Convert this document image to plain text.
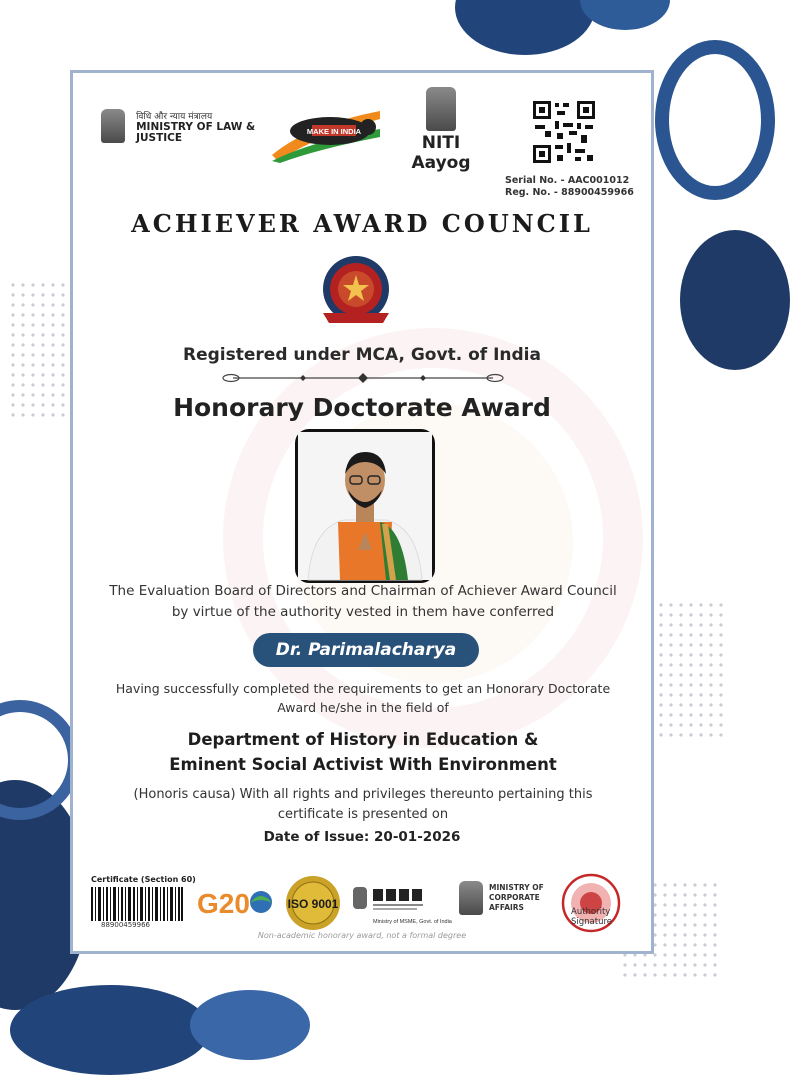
विधि और न्याय मंत्रालय
MINISTRY OF LAW & JUSTICE
MAKE IN INDIA
NITI Aayog
Serial No. - AAC001012
Reg. No. - 88900459966
ACHIEVER AWARD COUNCIL
Registered under MCA, Govt. of India
Honorary Doctorate Award
The Evaluation Board of Directors and Chairman of Achiever Award Council by virtue of the authority vested in them have conferred
Dr. Parimalacharya
Having successfully completed the requirements to get an Honorary Doctorate Award he/she in the field of
Department of History in Education &
Eminent Social Activist With Environment
(Honoris causa) With all rights and privileges thereunto pertaining this certificate is presented on
Date of Issue: 20-01-2026
Certificate (Section 60)
88900459966
G20	ISO 9001
Ministry of MSME, Govt. of India
MINISTRY OF
CORPORATE
AFFAIRS	Authority Signature
Non-academic honorary award, not a formal degree
